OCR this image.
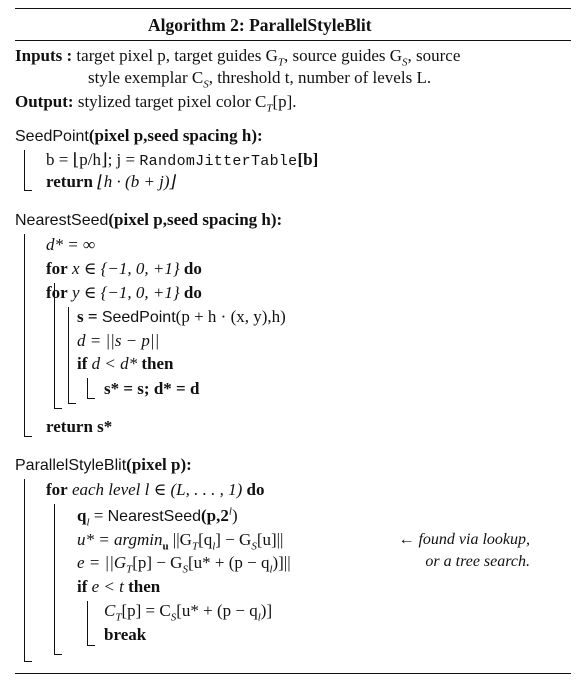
Algorithm 2: ParallelStyleBlit
Inputs : target pixel p, target guides $G_T$, source guides $G_S$, source
style exemplar $C_S$, threshold t, number of levels L.
Output: stylized target pixel color $C_T[p]$.
SeedPoint(pixel p,seed spacing h):
b = ⌊p/h⌋; j = RandomJitterTable[b]
return ⌊h · (b + j)⌋
NearestSeed(pixel p,seed spacing h):
d* = ∞
for x ∈ {−1, 0, +1} do
for y ∈ {−1, 0, +1} do
s = SeedPoint(p + h · (x, y),h)
d = ||s − p||
if d < d* then
s* = s; d* = d
return s*
ParallelStyleBlit(pixel p):
for each level l ∈ (L, . . . , 1) do
$q_l$ = $NearestSeed(p,2^l)$
u* = argmin$_u$ $||G_T[q_l] - G_S[u]||$	← found via lookup,
$e = ||G_T[p] - G_S[u* + (p - q_l)]||$	or a tree search.
if e < t then
$C_T[p] = C_S[u* + (p - q_l)]$
break
